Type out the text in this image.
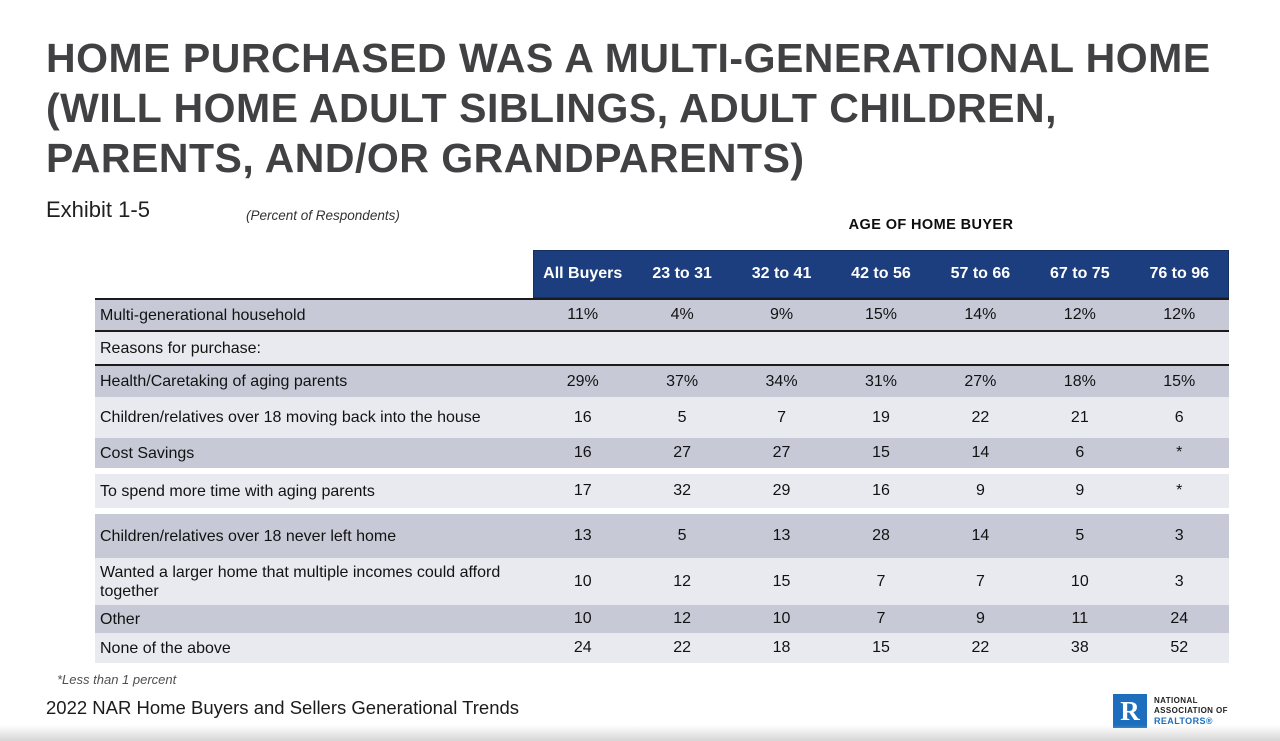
HOME PURCHASED WAS A MULTI-GENERATIONAL HOME
(WILL HOME ADULT SIBLINGS, ADULT CHILDREN,
PARENTS, AND/OR GRANDPARENTS)
Exhibit 1-5	(Percent of Respondents)
AGE OF HOME BUYER
All Buyers	23 to 31	32 to 41	42 to 56	57 to 66	67 to 75	76 to 96
Multi-generational household	11%	4%	9%	15%	14%	12%	12%
Reasons for purchase:
Health/Caretaking of aging parents	29%	37%	34%	31%	27%	18%	15%
Children/relatives over 18 moving back into the house	16	5	7	19	22	21	6
Cost Savings	16	27	27	15	14	6	*
To spend more time with aging parents	17	32	29	16	9	9	*
Children/relatives over 18 never left home	13	5	13	28	14	5	3
Wanted a larger home that multiple incomes could afford together
10	12	15	7	7	10	3
Other	10	12	10	7	9	11	24
None of the above	24	22	18	15	22	38	52
*Less than 1 percent
2022 NAR Home Buyers and Sellers Generational Trends	R NATIONAL
ASSOCIATION OF
REALTORS®
